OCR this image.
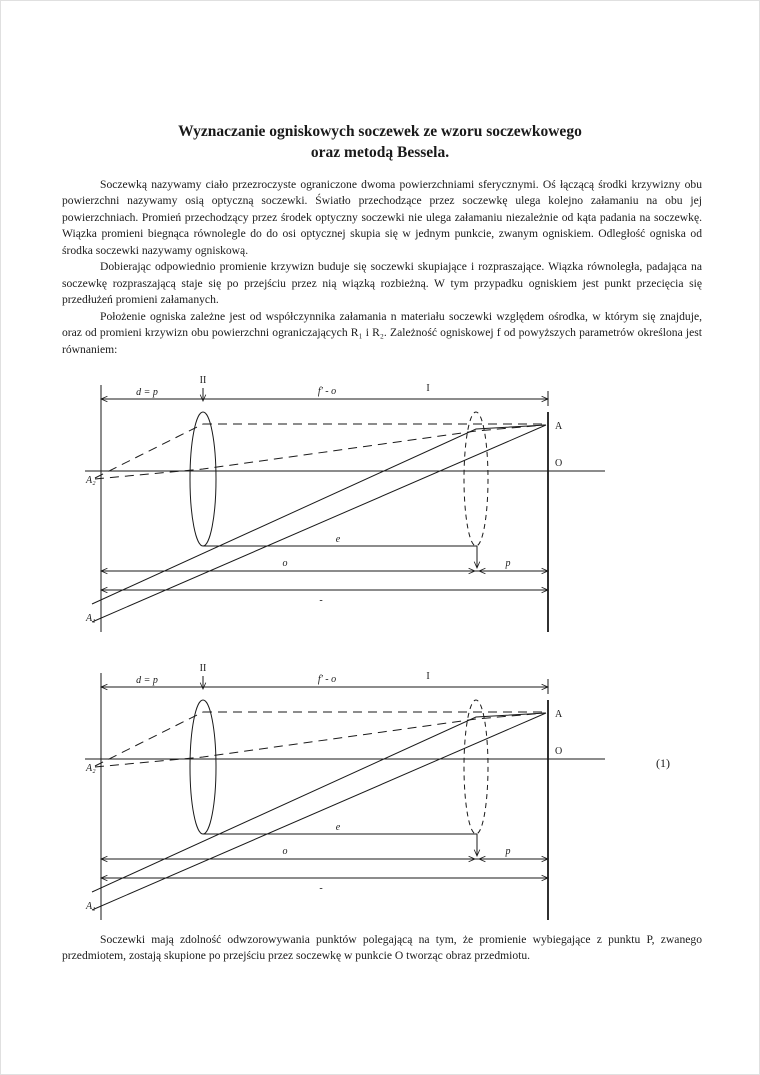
Wyznaczanie ogniskowych soczewek ze wzoru soczewkowego
oraz metodą Bessela.

Soczewką nazywamy ciało przezroczyste ograniczone dwoma powierzchniami sferycznymi. Oś łączącą środki krzywizny obu powierzchni nazywamy osią optyczną soczewki. Światło przechodzące przez soczewkę ulega kolejno załamaniu na obu jej powierzchniach. Promień przechodzący przez środek optyczny soczewki nie ulega załamaniu niezależnie od kąta padania na soczewkę. Wiązka promieni biegnąca równolegle do do osi optycznej skupia się w jednym punkcie, zwanym ogniskiem. Odległość ogniska od środka soczewki nazywamy ogniskową.

Dobierając odpowiednio promienie krzywizn buduje się soczewki skupiające i rozpraszające. Wiązka równoległa, padająca na soczewkę rozpraszającą staje się po przejściu przez nią wiązką rozbieżną. W tym przypadku ogniskiem jest punkt przecięcia się przedłużeń promieni załamanych.

Położenie ogniska zależne jest od współczynnika załamania n materiału soczewki względem ośrodka, w którym się znajduje, oraz od promieni krzywizn obu powierzchni ograniczających R₁ i R₂. Zależność ogniskowej f od powyższych parametrów określona jest równaniem:

d = p	f′ - o	I
II
A
O
A₂
A₁
e
o	p
-
d = p	f′ - o	I
II
A
O
A₂
A₁
e
o	p
-
(1)

Soczewki mają zdolność odwzorowywania punktów polegającą na tym, że promienie wybiegające z punktu P, zwanego przedmiotem, zostają skupione po przejściu przez soczewkę w punkcie O tworząc obraz przedmiotu.
